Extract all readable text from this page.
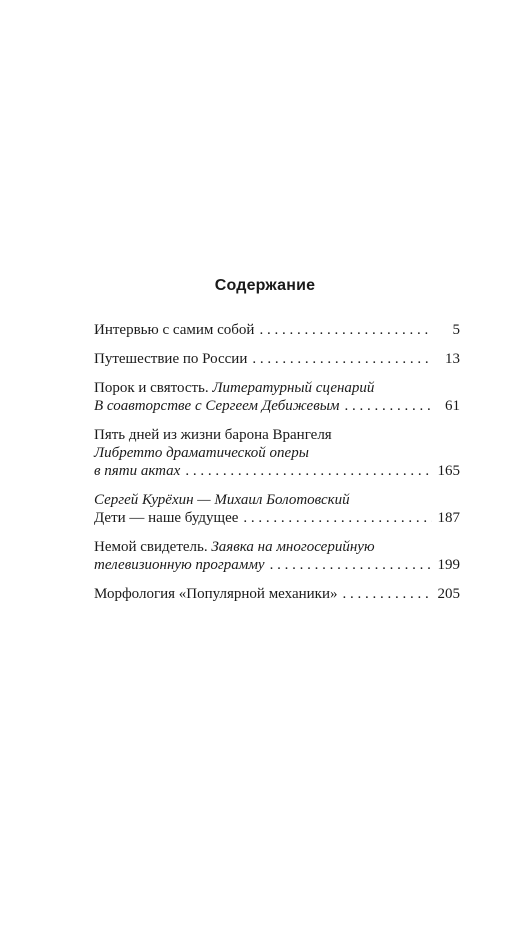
Содержание
Интервью с самим собой . . .	5
Путешествие по России . . .	13
Порок и святость.
Литературный сценарий
В соавторстве с Сергеем Дебижевым . . .	61
Пять дней из жизни барона Врангеля
Либретто драматической оперы
в пяти актах . . .	165
Сергей Курёхин — Михаил Болотовский
Дети — наше будущее . . .	187
Немой свидетель.
Заявка на многосерийную
телевизионную программу . . .	199
Морфология «Популярной механики» . . .	205
